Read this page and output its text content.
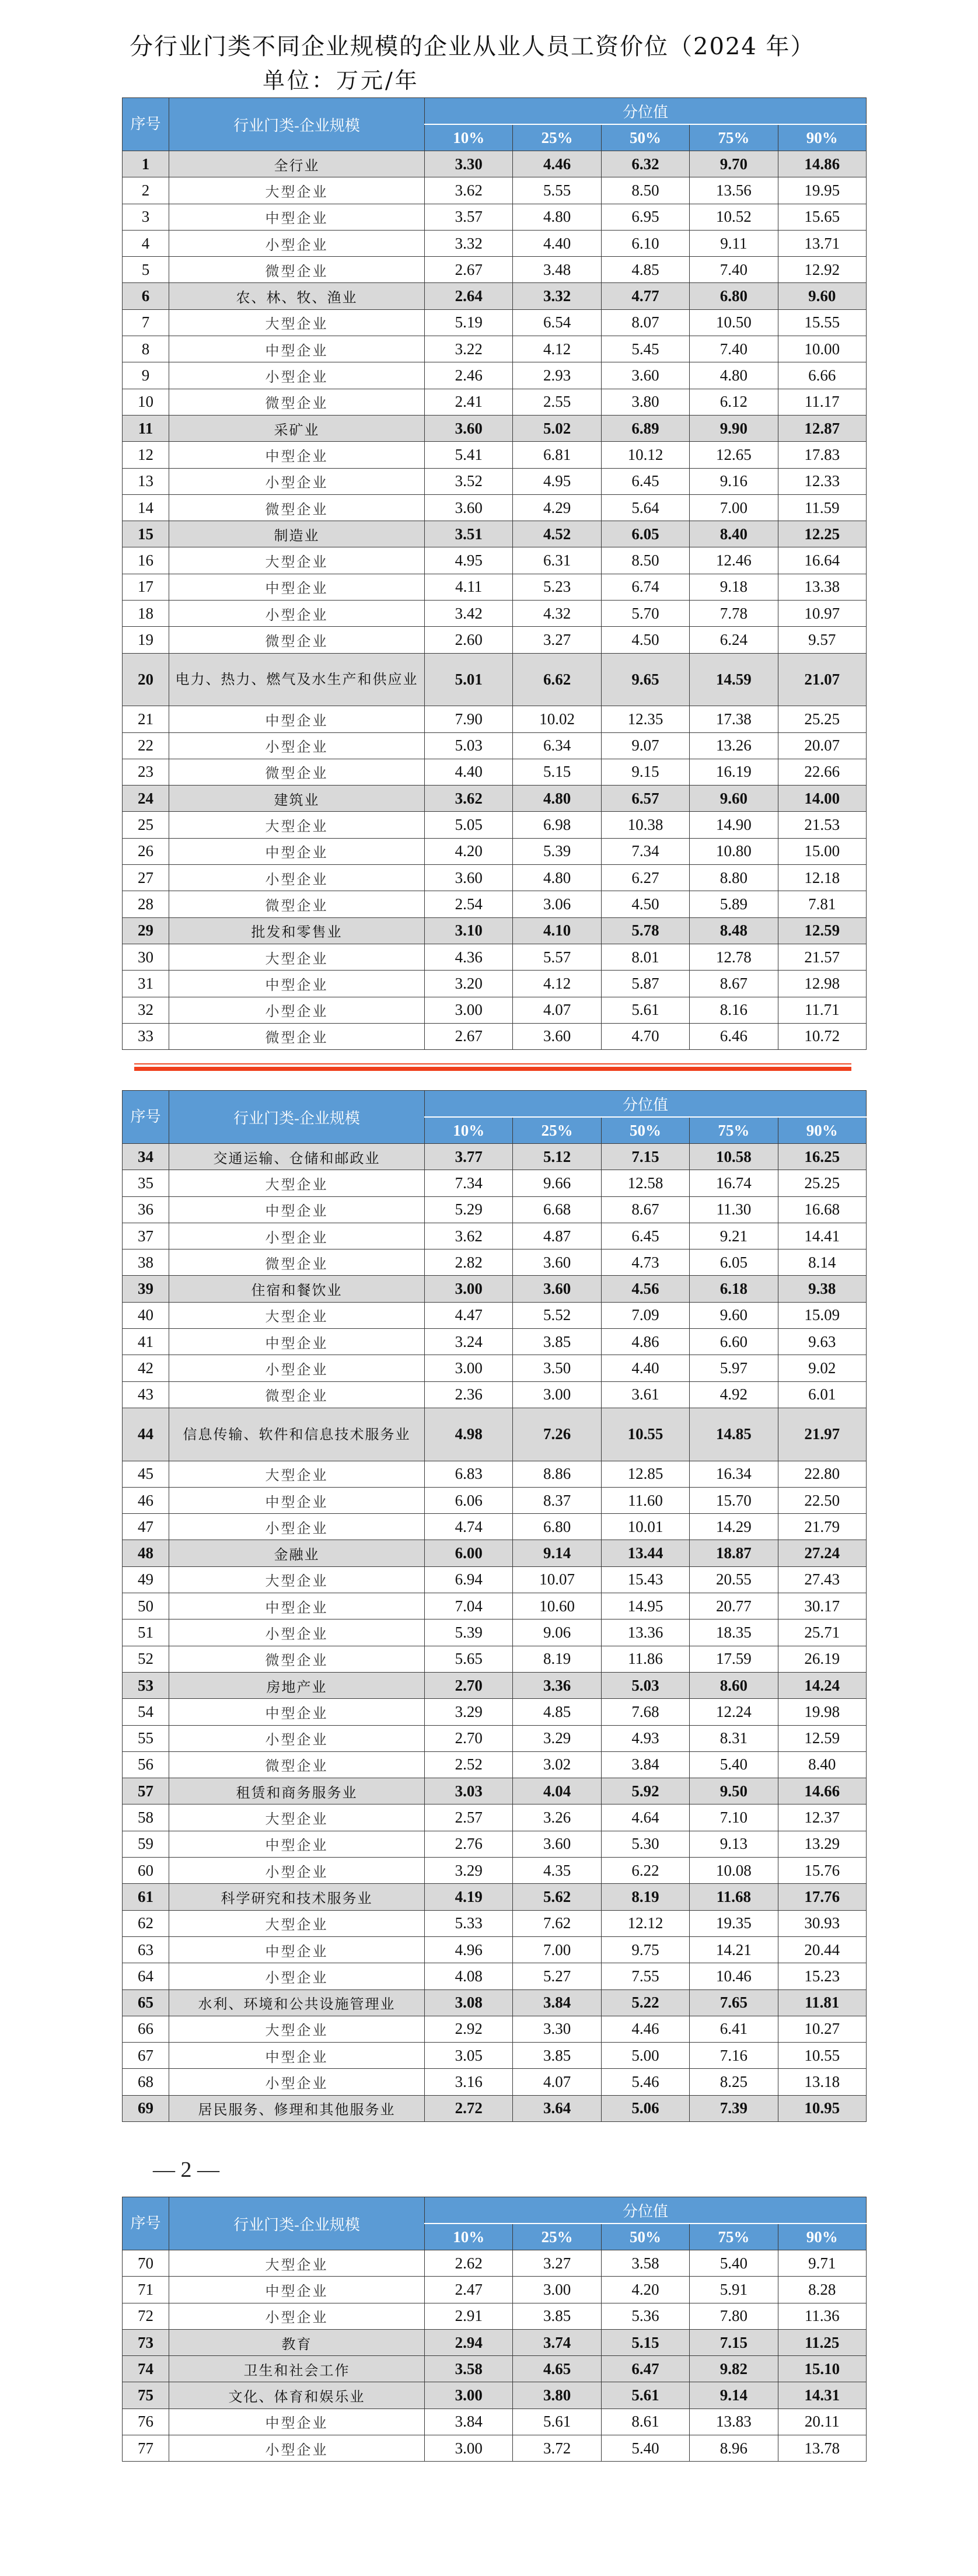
分行业门类不同企业规模的企业从业人员工资价位（2024 年）
单位：万元/年
序号	行业门类-企业规模	分位值				
		10%	25%	50%	75%	90%
1	全行业	3.30	4.46	6.32	9.70	14.86
2	大型企业	3.62	5.55	8.50	13.56	19.95
3	中型企业	3.57	4.80	6.95	10.52	15.65
4	小型企业	3.32	4.40	6.10	9.11	13.71
5	微型企业	2.67	3.48	4.85	7.40	12.92
6	农、林、牧、渔业	2.64	3.32	4.77	6.80	9.60
7	大型企业	5.19	6.54	8.07	10.50	15.55
8	中型企业	3.22	4.12	5.45	7.40	10.00
9	小型企业	2.46	2.93	3.60	4.80	6.66
10	微型企业	2.41	2.55	3.80	6.12	11.17
11	采矿业	3.60	5.02	6.89	9.90	12.87
12	中型企业	5.41	6.81	10.12	12.65	17.83
13	小型企业	3.52	4.95	6.45	9.16	12.33
14	微型企业	3.60	4.29	5.64	7.00	11.59
15	制造业	3.51	4.52	6.05	8.40	12.25
16	大型企业	4.95	6.31	8.50	12.46	16.64
17	中型企业	4.11	5.23	6.74	9.18	13.38
18	小型企业	3.42	4.32	5.70	7.78	10.97
19	微型企业	2.60	3.27	4.50	6.24	9.57
20	电力、热力、燃气及水生产和供应业	5.01	6.62	9.65	14.59	21.07
21	中型企业	7.90	10.02	12.35	17.38	25.25
22	小型企业	5.03	6.34	9.07	13.26	20.07
23	微型企业	4.40	5.15	9.15	16.19	22.66
24	建筑业	3.62	4.80	6.57	9.60	14.00
25	大型企业	5.05	6.98	10.38	14.90	21.53
26	中型企业	4.20	5.39	7.34	10.80	15.00
27	小型企业	3.60	4.80	6.27	8.80	12.18
28	微型企业	2.54	3.06	4.50	5.89	7.81
29	批发和零售业	3.10	4.10	5.78	8.48	12.59
30	大型企业	4.36	5.57	8.01	12.78	21.57
31	中型企业	3.20	4.12	5.87	8.67	12.98
32	小型企业	3.00	4.07	5.61	8.16	11.71
33	微型企业	2.67	3.60	4.70	6.46	10.72
序号	行业门类-企业规模	分位值				
		10%	25%	50%	75%	90%
34	交通运输、仓储和邮政业	3.77	5.12	7.15	10.58	16.25
35	大型企业	7.34	9.66	12.58	16.74	25.25
36	中型企业	5.29	6.68	8.67	11.30	16.68
37	小型企业	3.62	4.87	6.45	9.21	14.41
38	微型企业	2.82	3.60	4.73	6.05	8.14
39	住宿和餐饮业	3.00	3.60	4.56	6.18	9.38
40	大型企业	4.47	5.52	7.09	9.60	15.09
41	中型企业	3.24	3.85	4.86	6.60	9.63
42	小型企业	3.00	3.50	4.40	5.97	9.02
43	微型企业	2.36	3.00	3.61	4.92	6.01
44	信息传输、软件和信息技术服务业	4.98	7.26	10.55	14.85	21.97
45	大型企业	6.83	8.86	12.85	16.34	22.80
46	中型企业	6.06	8.37	11.60	15.70	22.50
47	小型企业	4.74	6.80	10.01	14.29	21.79
48	金融业	6.00	9.14	13.44	18.87	27.24
49	大型企业	6.94	10.07	15.43	20.55	27.43
50	中型企业	7.04	10.60	14.95	20.77	30.17
51	小型企业	5.39	9.06	13.36	18.35	25.71
52	微型企业	5.65	8.19	11.86	17.59	26.19
53	房地产业	2.70	3.36	5.03	8.60	14.24
54	中型企业	3.29	4.85	7.68	12.24	19.98
55	小型企业	2.70	3.29	4.93	8.31	12.59
56	微型企业	2.52	3.02	3.84	5.40	8.40
57	租赁和商务服务业	3.03	4.04	5.92	9.50	14.66
58	大型企业	2.57	3.26	4.64	7.10	12.37
59	中型企业	2.76	3.60	5.30	9.13	13.29
60	小型企业	3.29	4.35	6.22	10.08	15.76
61	科学研究和技术服务业	4.19	5.62	8.19	11.68	17.76
62	大型企业	5.33	7.62	12.12	19.35	30.93
63	中型企业	4.96	7.00	9.75	14.21	20.44
64	小型企业	4.08	5.27	7.55	10.46	15.23
65	水利、环境和公共设施管理业	3.08	3.84	5.22	7.65	11.81
66	大型企业	2.92	3.30	4.46	6.41	10.27
67	中型企业	3.05	3.85	5.00	7.16	10.55
68	小型企业	3.16	4.07	5.46	8.25	13.18
69	居民服务、修理和其他服务业	2.72	3.64	5.06	7.39	10.95
— 2 —
序号	行业门类-企业规模	分位值				
		10%	25%	50%	75%	90%
70	大型企业	2.62	3.27	3.58	5.40	9.71
71	中型企业	2.47	3.00	4.20	5.91	8.28
72	小型企业	2.91	3.85	5.36	7.80	11.36
73	教育	2.94	3.74	5.15	7.15	11.25
74	卫生和社会工作	3.58	4.65	6.47	9.82	15.10
75	文化、体育和娱乐业	3.00	3.80	5.61	9.14	14.31
76	中型企业	3.84	5.61	8.61	13.83	20.11
77	小型企业	3.00	3.72	5.40	8.96	13.78
